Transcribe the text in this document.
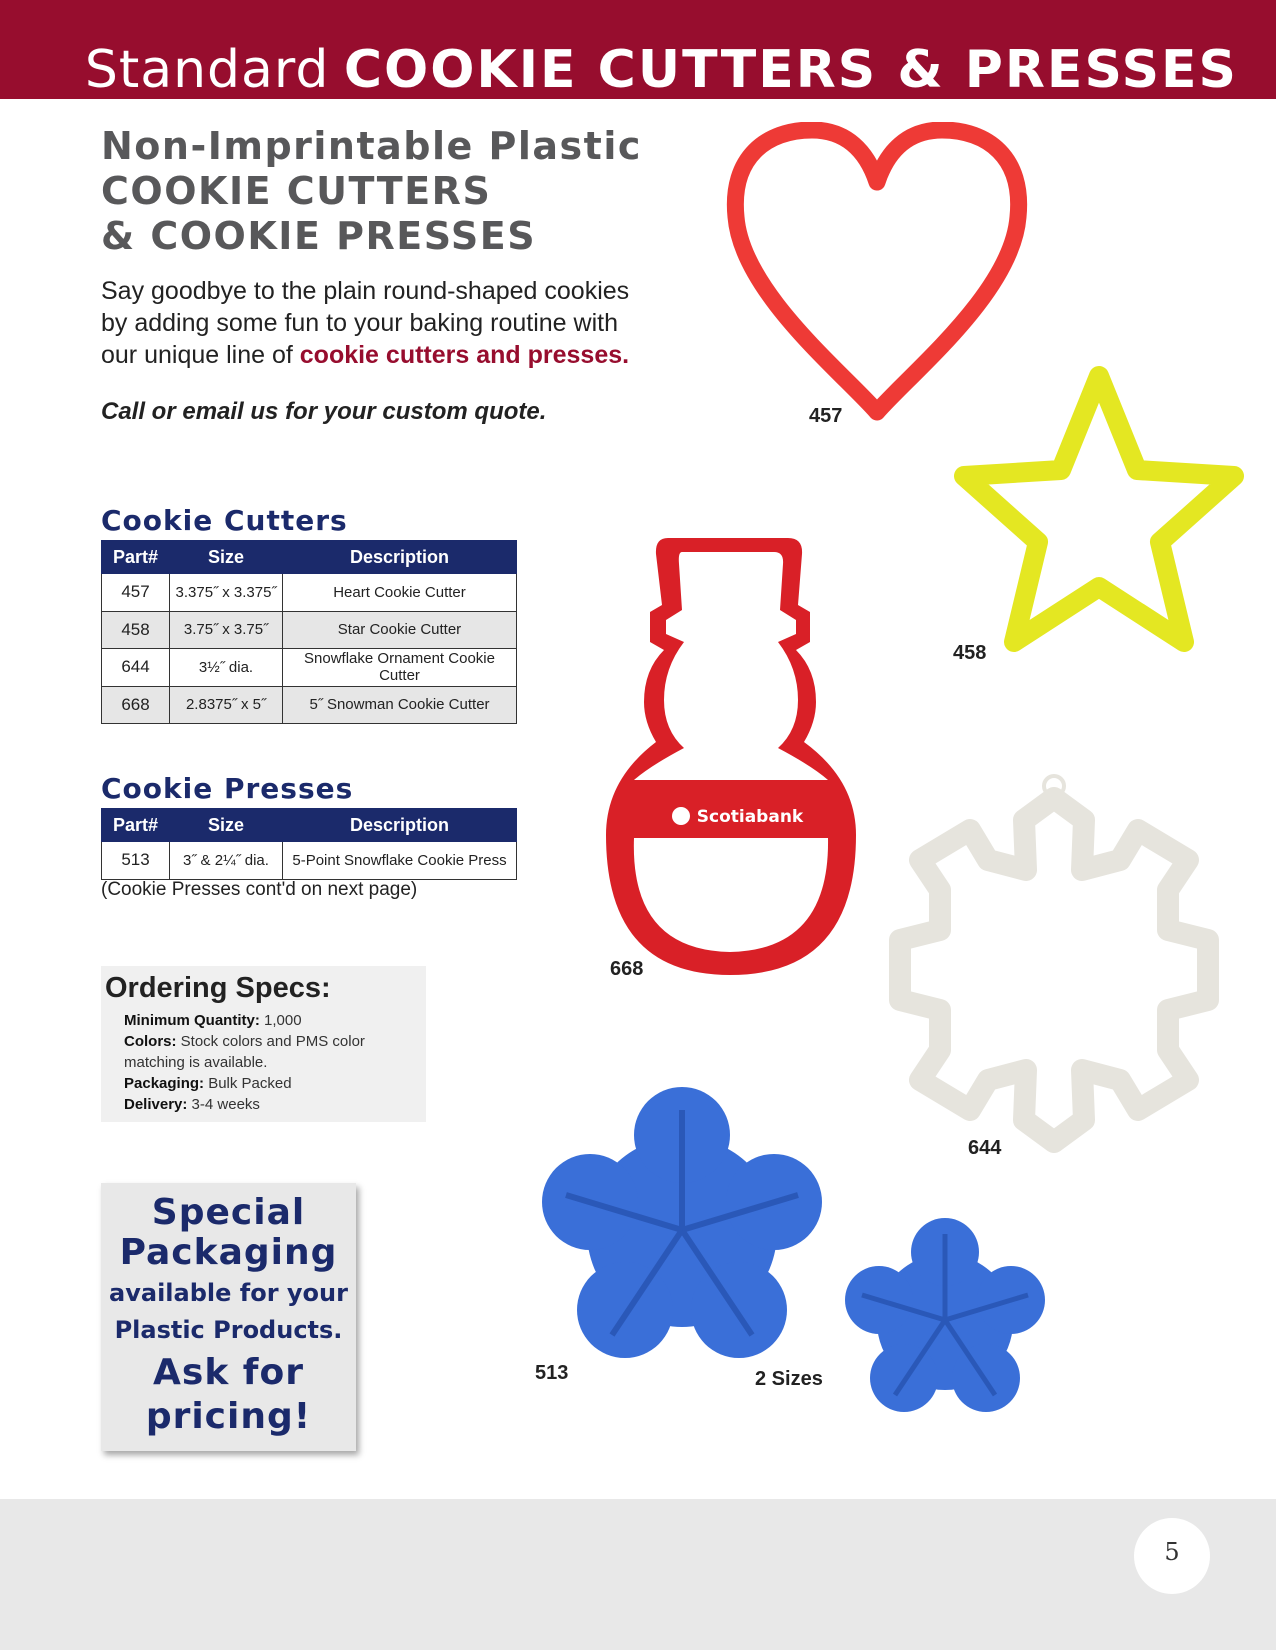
Standard COOKIE CUTTERS & PRESSES
Non-Imprintable Plastic
COOKIE CUTTERS
& COOKIE PRESSES

Say goodbye to the plain round-shaped cookies by adding some fun to your baking routine with our unique line of cookie cutters and presses.

Call or email us for your custom quote.

Cookie Cutters
Part#	Size	Description
457	3.375˝ x 3.375˝	Heart Cookie Cutter
458	3.75˝ x 3.75˝	Star Cookie Cutter
644	3½˝ dia.	Snowflake Ornament Cookie Cutter
668	2.8375˝ x 5˝	5˝ Snowman Cookie Cutter
Cookie Presses
Part#	Size	Description
513	3˝ & 2¼˝ dia.	5-Point Snowflake Cookie Press
(Cookie Presses cont'd on next page)
Ordering Specs:
Minimum Quantity: 1,000
Colors: Stock colors and PMS color matching is available.
Packaging: Bulk Packed
Delivery: 3-4 weeks
Special
Packaging
available for your
Plastic Products.
Ask for
pricing!
457
458
Scotiabank
668
644
513	2 Sizes
5
